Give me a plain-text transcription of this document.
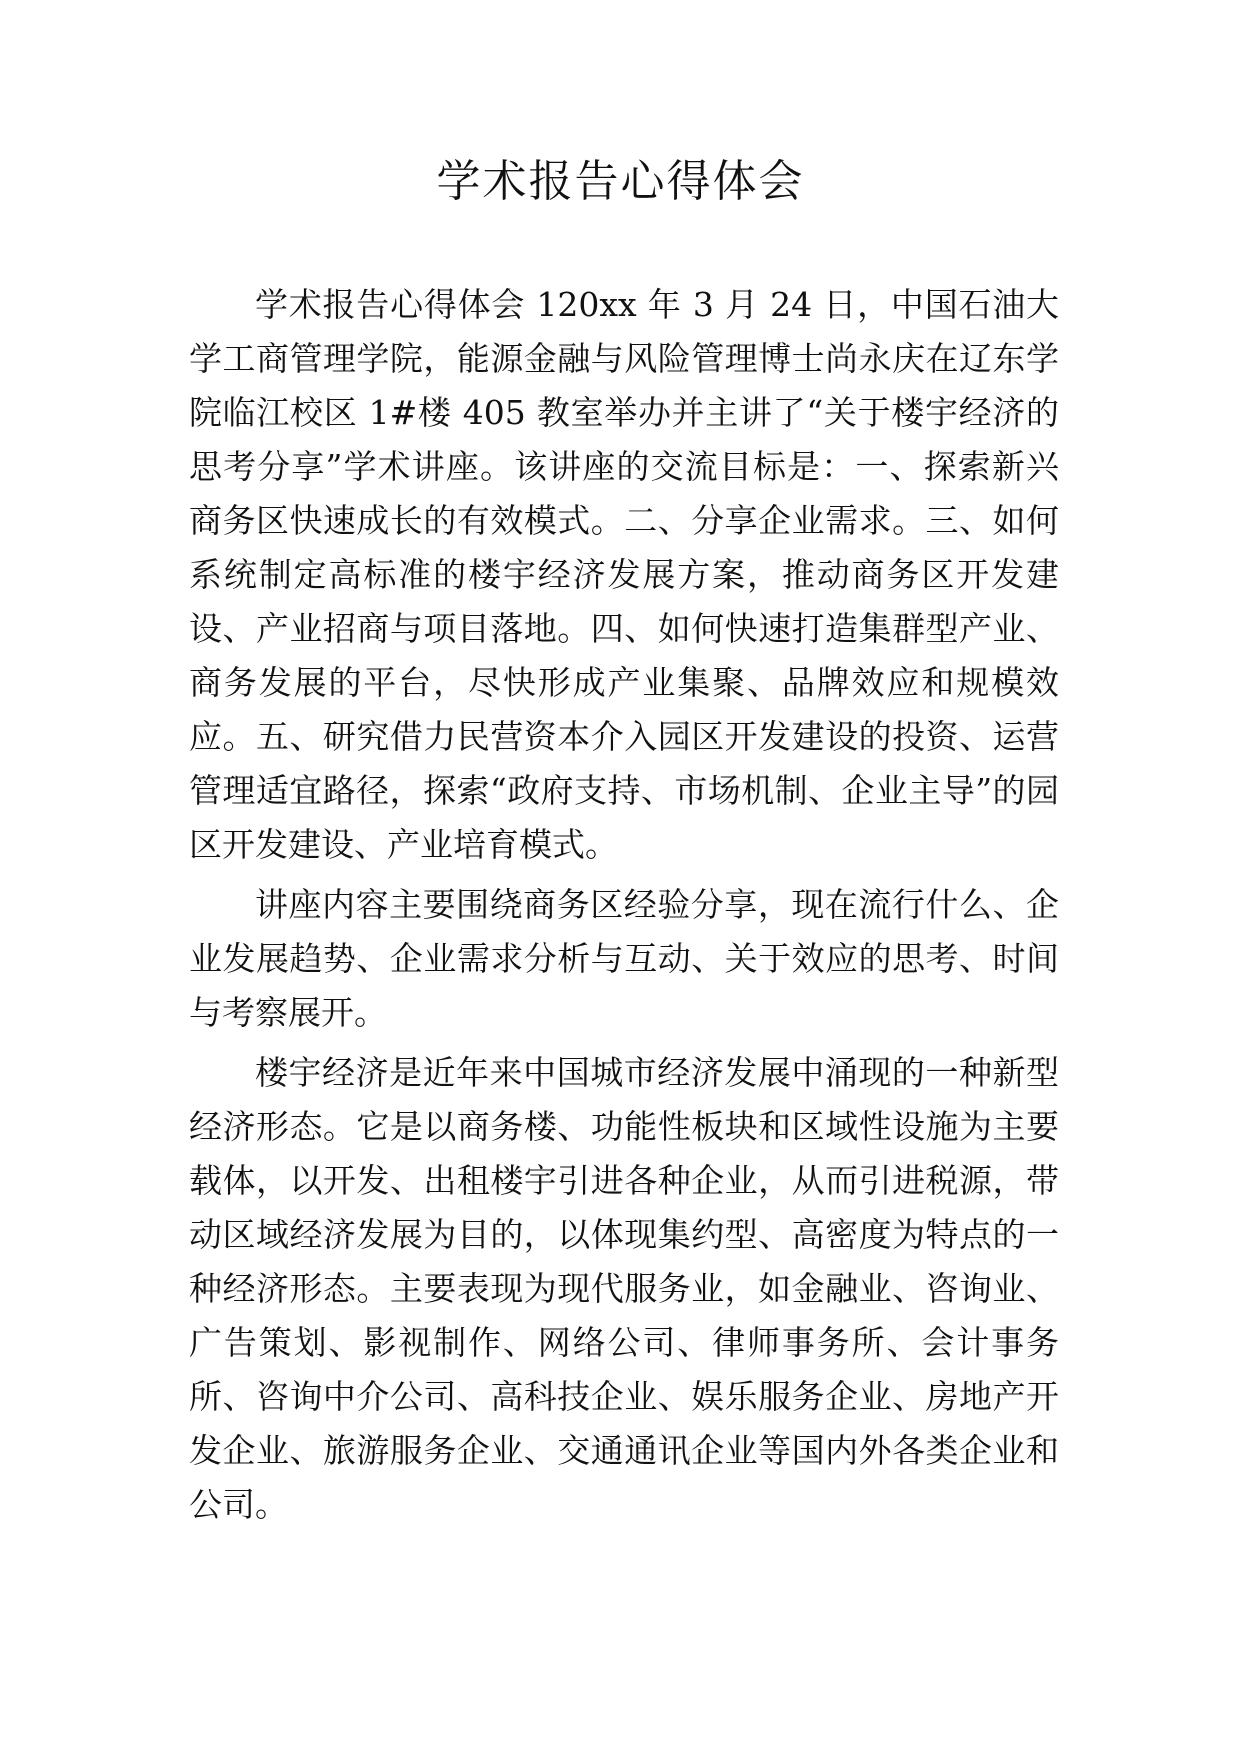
学术报告心得体会

学术报告心得体会 120xx 年 3 月 24 日，中国石油大学工商管理学院，能源金融与风险管理博士尚永庆在辽东学院临江校区 1#楼 405 教室举办并主讲了“关于楼宇经济的思考分享”学术讲座。该讲座的交流目标是：一、探索新兴商务区快速成长的有效模式。二、分享企业需求。三、如何系统制定高标准的楼宇经济发展方案，推动商务区开发建设、产业招商与项目落地。四、如何快速打造集群型产业、商务发展的平台，尽快形成产业集聚、品牌效应和规模效应。五、研究借力民营资本介入园区开发建设的投资、运营管理适宜路径，探索“政府支持、市场机制、企业主导”的园区开发建设、产业培育模式。

讲座内容主要围绕商务区经验分享，现在流行什么、企业发展趋势、企业需求分析与互动、关于效应的思考、时间与考察展开。

楼宇经济是近年来中国城市经济发展中涌现的一种新型经济形态。它是以商务楼、功能性板块和区域性设施为主要载体，以开发、出租楼宇引进各种企业，从而引进税源，带动区域经济发展为目的，以体现集约型、高密度为特点的一种经济形态。主要表现为现代服务业，如金融业、咨询业、广告策划、影视制作、网络公司、律师事务所、会计事务所、咨询中介公司、高科技企业、娱乐服务企业、房地产开发企业、旅游服务企业、交通通讯企业等国内外各类企业和公司。
